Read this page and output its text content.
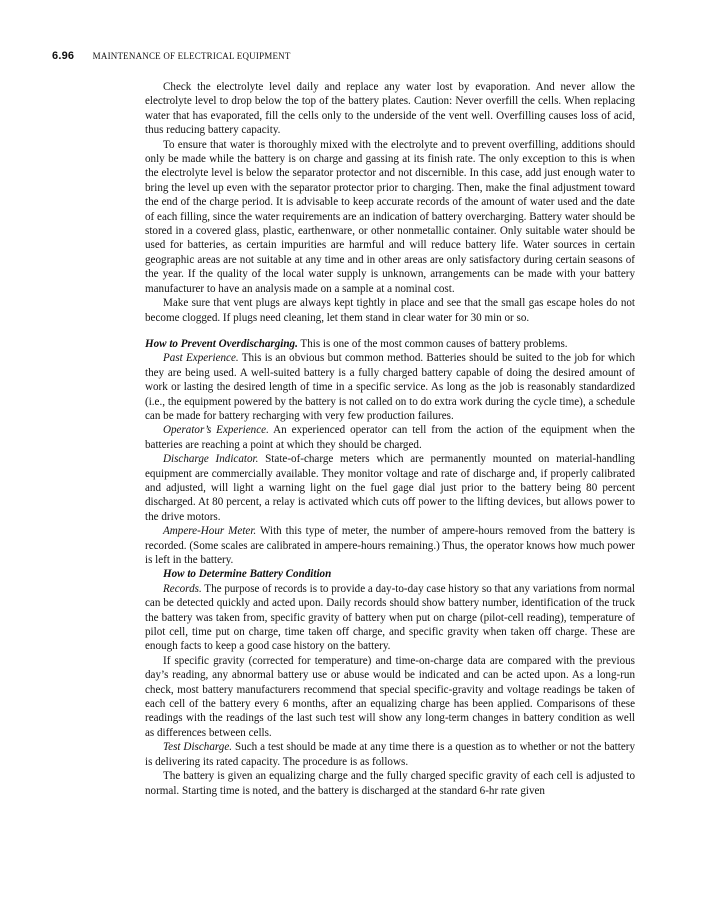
6.96 MAINTENANCE OF ELECTRICAL EQUIPMENT

Check the electrolyte level daily and replace any water lost by evaporation. And never allow the electrolyte level to drop below the top of the battery plates. Caution: Never overfill the cells. When replacing water that has evaporated, fill the cells only to the underside of the vent well. Overfilling causes loss of acid, thus reducing battery capacity.

To ensure that water is thoroughly mixed with the electrolyte and to prevent overfilling, additions should only be made while the battery is on charge and gassing at its finish rate. The only exception to this is when the electrolyte level is below the separator protector and not discernible. In this case, add just enough water to bring the level up even with the separator protector prior to charging. Then, make the final adjustment toward the end of the charge period. It is advisable to keep accurate records of the amount of water used and the date of each filling, since the water requirements are an indication of battery overcharging. Battery water should be stored in a covered glass, plastic, earthenware, or other nonmetallic container. Only suitable water should be used for batteries, as certain impurities are harmful and will reduce battery life. Water sources in certain geographic areas are not suitable at any time and in other areas are only satisfactory during certain seasons of the year. If the quality of the local water supply is unknown, arrangements can be made with your battery manufacturer to have an analysis made on a sample at a nominal cost.

Make sure that vent plugs are always kept tightly in place and see that the small gas escape holes do not become clogged. If plugs need cleaning, let them stand in clear water for 30 min or so.

How to Prevent Overdischarging. This is one of the most common causes of battery problems.

Past Experience. This is an obvious but common method. Batteries should be suited to the job for which they are being used. A well-suited battery is a fully charged battery capable of doing the desired amount of work or lasting the desired length of time in a specific service. As long as the job is reasonably standardized (i.e., the equipment powered by the battery is not called on to do extra work during the cycle time), a schedule can be made for battery recharging with very few production failures.

Operator’s Experience. An experienced operator can tell from the action of the equipment when the batteries are reaching a point at which they should be charged.

Discharge Indicator. State-of-charge meters which are permanently mounted on material-handling equipment are commercially available. They monitor voltage and rate of discharge and, if properly calibrated and adjusted, will light a warning light on the fuel gage dial just prior to the battery being 80 percent discharged. At 80 percent, a relay is activated which cuts off power to the lifting devices, but allows power to the drive motors.

Ampere-Hour Meter. With this type of meter, the number of ampere-hours removed from the battery is recorded. (Some scales are calibrated in ampere-hours remaining.) Thus, the operator knows how much power is left in the battery.

How to Determine Battery Condition

Records. The purpose of records is to provide a day-to-day case history so that any variations from normal can be detected quickly and acted upon. Daily records should show battery number, identification of the truck the battery was taken from, specific gravity of battery when put on charge (pilot-cell reading), temperature of pilot cell, time put on charge, time taken off charge, and specific gravity when taken off charge. These are enough facts to keep a good case history on the battery.

If specific gravity (corrected for temperature) and time-on-charge data are compared with the previous day’s reading, any abnormal battery use or abuse would be indicated and can be acted upon. As a long-run check, most battery manufacturers recommend that special specific-gravity and voltage readings be taken of each cell of the battery every 6 months, after an equalizing charge has been applied. Comparisons of these readings with the readings of the last such test will show any long-term changes in battery condition as well as differences between cells.

Test Discharge. Such a test should be made at any time there is a question as to whether or not the battery is delivering its rated capacity. The procedure is as follows.

The battery is given an equalizing charge and the fully charged specific gravity of each cell is adjusted to normal. Starting time is noted, and the battery is discharged at the standard 6-hr rate given
